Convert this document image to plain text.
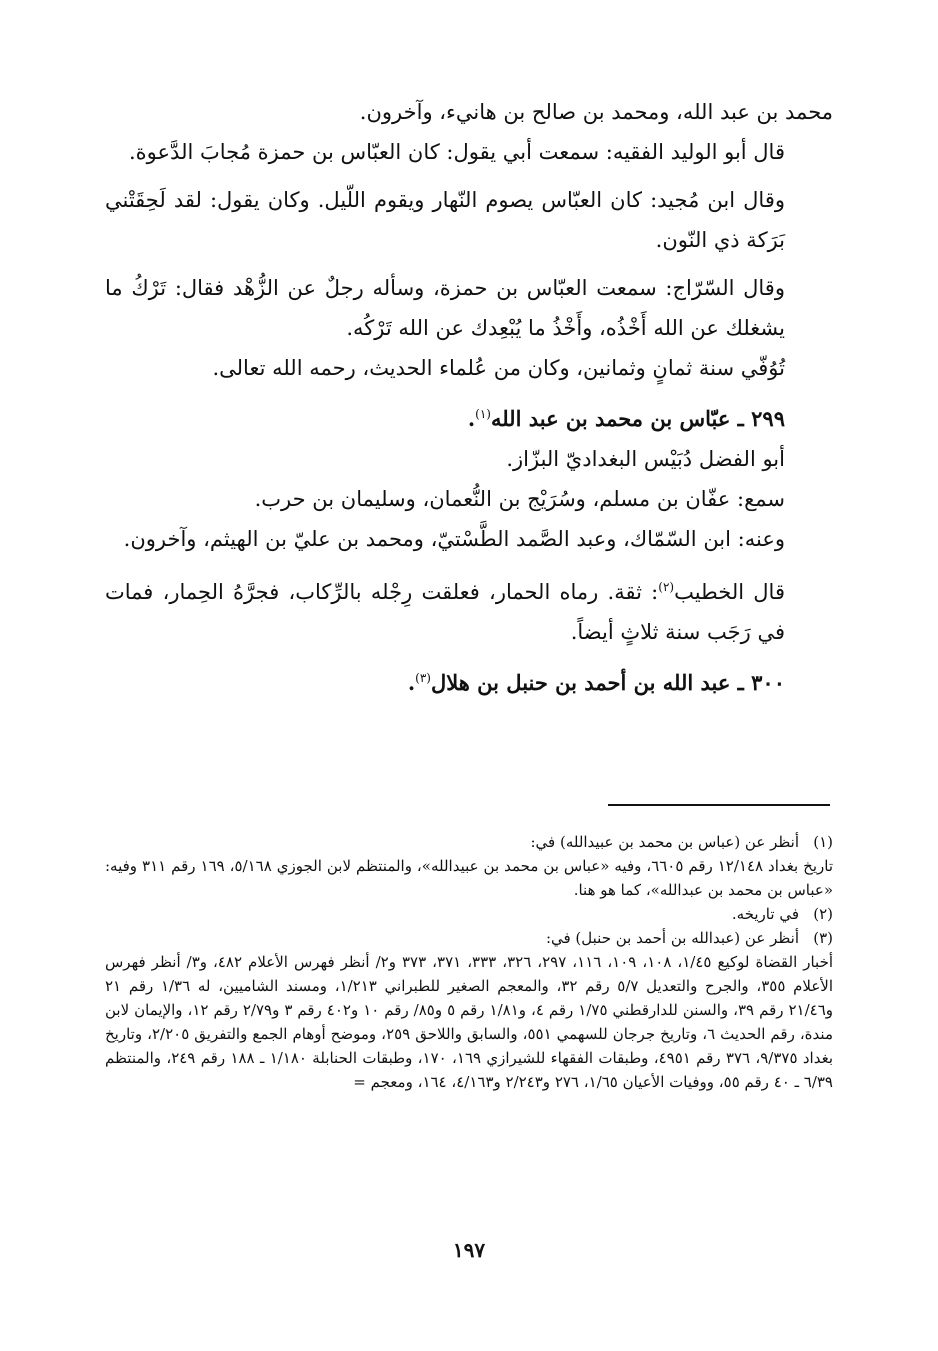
محمد بن عبد الله، ومحمد بن صالح بن هانيء، وآخرون.

قال أبو الوليد الفقيه: سمعت أبي يقول: كان العبّاس بن حمزة مُجابَ الدَّعوة.

وقال ابن مُجيد: كان العبّاس يصوم النّهار ويقوم اللّيل. وكان يقول: لقد لَحِقَتْني بَرَكة ذي النّون.

وقال السّرّاج: سمعت العبّاس بن حمزة، وسأله رجلٌ عن الزُّهْد فقال: تَرْكُ ما يشغلك عن الله أَخْذُه، وأَخْذُ ما يُبْعِدك عن الله تَرْكُه.

تُوُفّي سنة ثمانٍ وثمانين، وكان من عُلماء الحديث، رحمه الله تعالى.

٢٩٩ ـ عبّاس بن محمد بن عبد الله$^{(١)}$.

أبو الفضل دُبَيْس البغداديّ البزّاز.

سمع: عفّان بن مسلم، وسُرَيْج بن النُّعمان، وسليمان بن حرب.

وعنه: ابن السّمّاك، وعبد الصَّمد الطَّسْتيّ، ومحمد بن عليّ بن الهيثم، وآخرون.

قال الخطيب$^{(٢)}$: ثقة. رماه الحمار، فعلقت رِجْله بالرِّكاب، فجرَّهُ الحِمار، فمات في رَجَب سنة ثلاثٍ أيضاً.

٣٠٠ ـ عبد الله بن أحمد بن حنبل بن هلال$^{(٣)}$.

(١)
أنظر عن (عباس بن محمد بن عبيدالله) في:

تاريخ بغداد ١٢/١٤٨ رقم ٦٦٠٥، وفيه «عباس بن محمد بن عبيدالله»، والمنتظم لابن الجوزي ٥/١٦٨، ١٦٩ رقم ٣١١ وفيه: «عباس بن محمد بن عبدالله»، كما هو هنا.

(٢)
في تاريخه.
(٣)
أنظر عن (عبدالله بن أحمد بن حنبل) في:

أخبار القضاة لوكيع ١/٤٥، ١٠٨، ١٠٩، ١١٦، ٢٩٧، ٣٢٦، ٣٣٣، ٣٧١، ٣٧٣ و٢/ أنظر فهرس الأعلام ٤٨٢، و٣/ أنظر فهرس الأعلام ٣٥٥، والجرح والتعديل ٥/٧ رقم ٣٢، والمعجم الصغير للطبراني ١/٢١٣، ومسند الشاميين، له ١/٣٦ رقم ٢١ و٢١/٤٦ رقم ٣٩، والسنن للدارقطني ١/٧٥ رقم ٤، و١/٨١ رقم ٥ و٨٥/ رقم ١٠ و٤٠٢ رقم ٣ و٢/٧٩ رقم ١٢، والإيمان لابن مندة، رقم الحديث ٦، وتاريخ جرجان للسهمي ٥٥١، والسابق واللاحق ٢٥٩، وموضح أوهام الجمع والتفريق ٢/٢٠٥، وتاريخ بغداد ٩/٣٧٥، ٣٧٦ رقم ٤٩٥١، وطبقات الفقهاء للشيرازي ١٦٩، ١٧٠، وطبقات الحنابلة ١/١٨٠ ـ ١٨٨ رقم ٢٤٩، والمنتظم ٦/٣٩ ـ ٤٠ رقم ٥٥، ووفيات الأعيان ١/٦٥، ٢٧٦ و٢/٢٤٣ و٤/١٦٣، ١٦٤، ومعجم =

١٩٧
